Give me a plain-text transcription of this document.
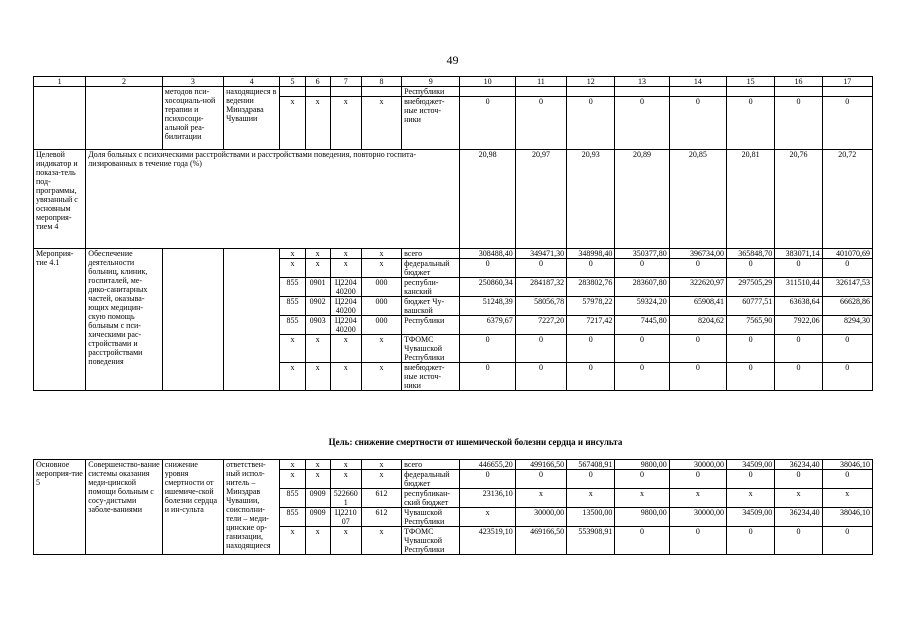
49
1	2	3	4	5	6	7	8	9	10	11	12	13	14	15	16	17
		методов пси-хосоциаль-ной терапии и психосоци-альной реа-билитации	находящиеся в ведении Минздрава Чувашии					Республики								
				x	x	x	x	внебюджет-ные источ-ники	0	0	0	0	0	0	0	0
Целевой индикатор и показа-тель под-программы, увязанный с основным мероприя-тием 4	Доля больных с психическими расстройствами и расстройствами поведения, повторно госпита-лизированных в течение года (%)								20,98	20,97	20,93	20,89	20,85	20,81	20,76	20,72
Мероприя-тие 4.1	Обеспечение деятельности больниц, клиник, госпиталей, ме-дико-санитарных частей, оказыва-ющих медицин-скую помощь больным с пси-хическими рас-стройствами и расстройствами поведения			x	x	x	x	всего	308488,40	349471,30	348998,40	350377,80	396734,00	365848,70	383071,14	401070,69
				x	x	x	x	федеральный бюджет	0	0	0	0	0	0	0	0
				855	0901	Ц2204 40200	000	республи-канский	250860,34	284187,32	283802,76	283607,80	322620,97	297505,29	311510,44	326147,53
				855	0902	Ц2204 40200	000	бюджет Чу-вашской	51248,39	58056,78	57978,22	59324,20	65908,41	60777,51	63638,64	66628,86
				855	0903	Ц2204 40200	000	Республики	6379,67	7227,20	7217,42	7445,80	8204,62	7565,90	7922,06	8294,30
				x	x	x	x	ТФОМС Чувашской Республики	0	0	0	0	0	0	0	0
				x	x	x	x	внебюджет-ные источ-ники	0	0	0	0	0	0	0	0
Цель: снижение смертности от ишемической болезни сердца и инсульта
Основное мероприя-тие 5	Совершенство-вание системы оказания меди-цинской помощи больным с сосу-дистыми заболе-ваниями	снижение уровня смертности от ишемиче-ской болезни сердца и ин-сульта	ответствен-ный испол-нитель – Минздрав Чувашии, соисполни-тели – меди-цинские ор-ганизации, находящиеся	x	x	x	x	всего	446655,20	499166,50	567408,91	9800,00	30000,00	34509,00	36234,40	38046,10
				x	x	x	x	федеральный бюджет	0	0	0	0	0	0	0	0
				855	0909	522660 1	612	республикан-ский бюджет	23136,10	x	x	x	x	x	x	x
				855	0909	Ц2210 07	612	Чувашской Республики	x	30000,00	13500,00	9800,00	30000,00	34509,00	36234,40	38046,10
				x	x	x	x	ТФОМС Чувашской Республики	423519,10	469166,50	553908,91	0	0	0	0	0
